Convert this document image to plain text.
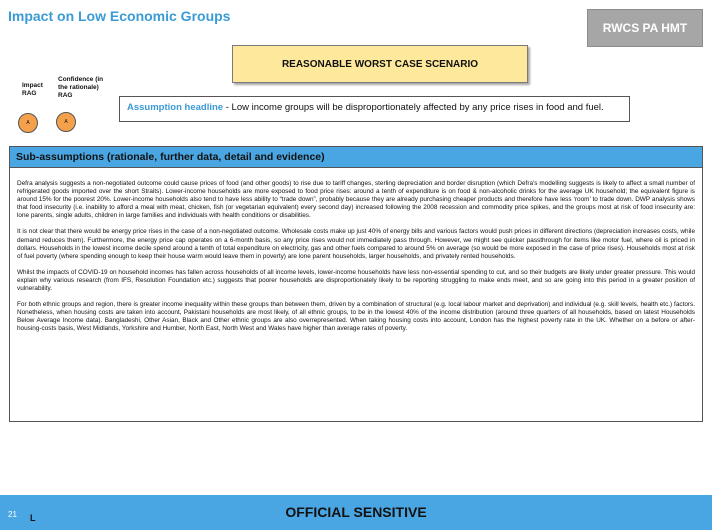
Impact on Low Economic Groups
RWCS PA HMT
REASONABLE WORST CASE SCENARIO
Impact RAG
Confidence (in the rationale) RAG
A	A
Assumption headline - Low income groups will be disproportionately affected by any price rises in food and fuel.
Sub-assumptions (rationale, further data, detail and evidence)

Defra analysis suggests a non-negotiated outcome could cause prices of food (and other goods) to rise due to tariff changes, sterling depreciation and border disruption (which Defra's modelling suggests is likely to affect a small number of refrigerated goods imported over the short Straits). Lower-income households are more exposed to food price rises: around a tenth of expenditure is on food & non-alcoholic drinks for the average UK household; the equivalent figure is around 15% for the poorest 20%. Lower-income households also tend to have less ability to “trade down”, probably because they are already purchasing cheaper products and therefore have less ‘room’ to trade down. DWP analysis shows that food insecurity (i.e. inability to afford a meal with meat, chicken, fish (or vegetarian equivalent) every second day) increased following the 2008 recession and commodity price spikes, and the groups most at risk of food insecurity are: lone parents, single adults, children in large families and individuals with health conditions or disabilities.

It is not clear that there would be energy price rises in the case of a non-negotiated outcome. Wholesale costs make up just 40% of energy bills and various factors would push prices in different directions (depreciation increases costs, while demand reduces them). Furthermore, the energy price cap operates on a 6-month basis, so any price rises would not immediately pass through. However, we might see quicker passthrough for items like motor fuel, where oil is priced in dollars. Households in the lowest income decile spend around a tenth of total expenditure on electricity, gas and other fuels compared to around 5% on average (so would be more exposed in the case of price rises). Households most at risk of fuel poverty (where spending enough to keep their house warm would leave them in poverty) are lone parent households, larger households, and privately rented households.

Whilst the impacts of COVID-19 on household incomes has fallen across households of all income levels, lower-income households have less non-essential spending to cut, and so their budgets are likely under greater pressure. This would explain why various research (from IFS, Resolution Foundation etc.) suggests that poorer households are disproportionately likely to be reporting struggling to make ends meet, and so are going into this period in a greater position of vulnerability.

For both ethnic groups and region, there is greater income inequality within these groups than between them, driven by a combination of structural (e.g. local labour market and deprivation) and individual (e.g. skill levels, health etc.) factors. Nonetheless, when housing costs are taken into account, Pakistani households are most likely, of all ethnic groups, to be in the lowest 40% of the income distribution (around three quarters of all households, based on latest Households Below Average Income data). Bangladeshi, Other Asian, Black and Other ethnic groups are also overrepresented. When taking housing costs into account, London has the highest poverty rate in the UK. Whether on a before or after-housing-costs basis, West Midlands, Yorkshire and Humber, North East, North West and Wales have higher than average rates of poverty.

21 L	OFFICIAL SENSITIVE
